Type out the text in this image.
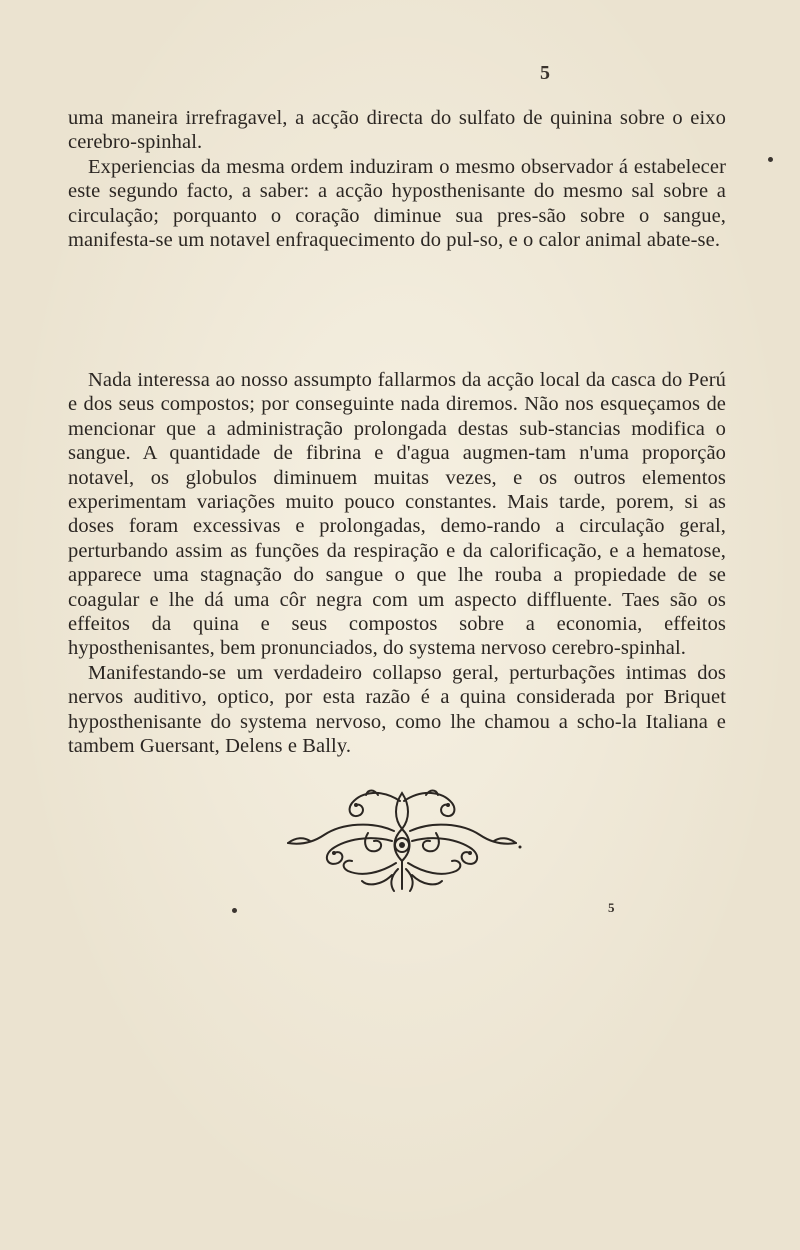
5

uma maneira irrefragavel, a acção directa do sulfato de quinina sobre o eixo cerebro-spinhal.

Experiencias da mesma ordem induziram o mesmo observador á estabelecer este segundo facto, a saber: a acção hyposthenisante do mesmo sal sobre a circulação; porquanto o coração diminue sua pres-são sobre o sangue, manifesta-se um notavel enfraquecimento do pul-so, e o calor animal abate-se.

Nada interessa ao nosso assumpto fallarmos da acção local da casca do Perú e dos seus compostos; por conseguinte nada diremos. Não nos esqueçamos de mencionar que a administração prolongada destas sub-stancias modifica o sangue. A quantidade de fibrina e d'agua augmen-tam n'uma proporção notavel, os globulos diminuem muitas vezes, e os outros elementos experimentam variações muito pouco constantes. Mais tarde, porem, si as doses foram excessivas e prolongadas, demo-rando a circulação geral, perturbando assim as funções da respiração e da calorificação, e a hematose, apparece uma stagnação do sangue o que lhe rouba a propiedade de se coagular e lhe dá uma côr negra com um aspecto diffluente. Taes são os effeitos da quina e seus compostos sobre a economia, effeitos hyposthenisantes, bem pronunciados, do systema nervoso cerebro-spinhal.

Manifestando-se um verdadeiro collapso geral, perturbações intimas dos nervos auditivo, optico, por esta razão é a quina considerada por Briquet hyposthenisante do systema nervoso, como lhe chamou a scho-la Italiana e tambem Guersant, Delens e Bally.

5
